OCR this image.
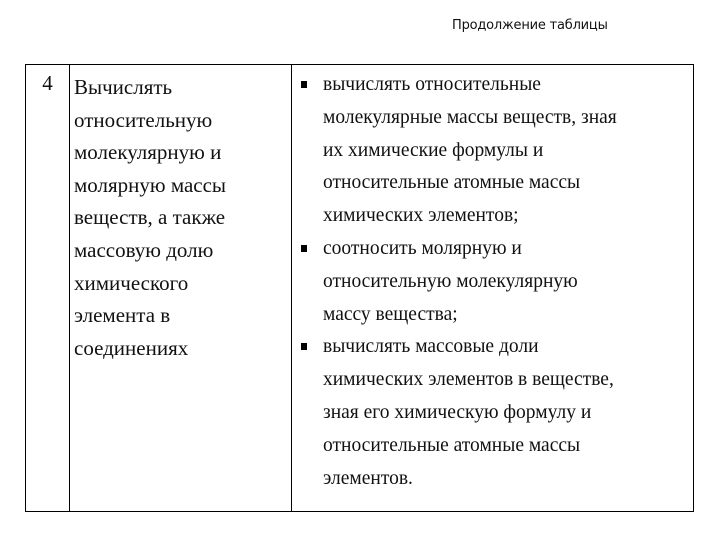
Продолжение таблицы
4	Вычислять
относительную
молекулярную и
молярную массы
веществ, а также
массовую долю
химического
элемента в
соединениях
вычислять относительные
молекулярные массы веществ, зная
их химические формулы и
относительные атомные массы
химических элементов;
соотносить молярную и
относительную молекулярную
массу вещества;
вычислять массовые доли
химических элементов в веществе,
зная его химическую формулу и
относительные атомные массы
элементов.
